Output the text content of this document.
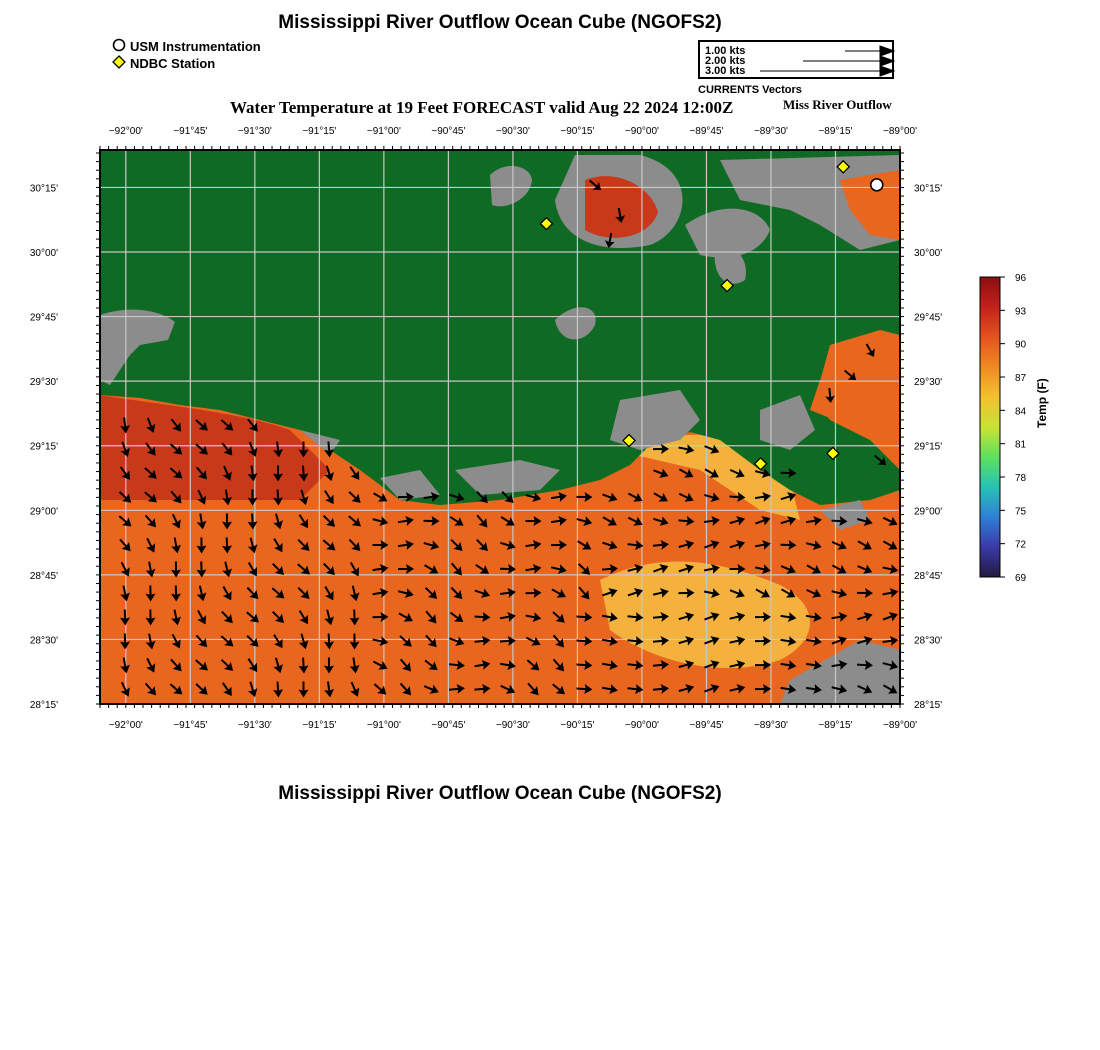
Mississippi River Outflow Ocean Cube (NGOFS2)
Mississippi River Outflow Ocean Cube (NGOFS2)
USM Instrumentation
NDBC Station
1.00 kts
2.00 kts
3.00 kts
CURRENTS Vectors
Water Temperature at 19 Feet FORECAST valid Aug 22 2024 12:00Z	Miss River Outflow
−92°00'	−91°45'	−91°30'	−91°15'	−91°00'	−90°45'	−90°30'	−90°15'	−90°00'	−89°45'	−89°30'	−89°15'	−89°00'
−92°00'	−91°45'	−91°30'	−91°15'	−91°00'	−90°45'	−90°30'	−90°15'	−90°00'	−89°45'	−89°30'	−89°15'	−89°00'
30°15'
30°00'
29°45'
29°30'
29°15'
29°00'
28°45'
28°30'
28°15'
30°15'
30°00'
29°45'
29°30'
29°15'
29°00'
28°45'
28°30'
28°15'
96
93
90
87
84
81
78
75
72
69
Temp (F)
